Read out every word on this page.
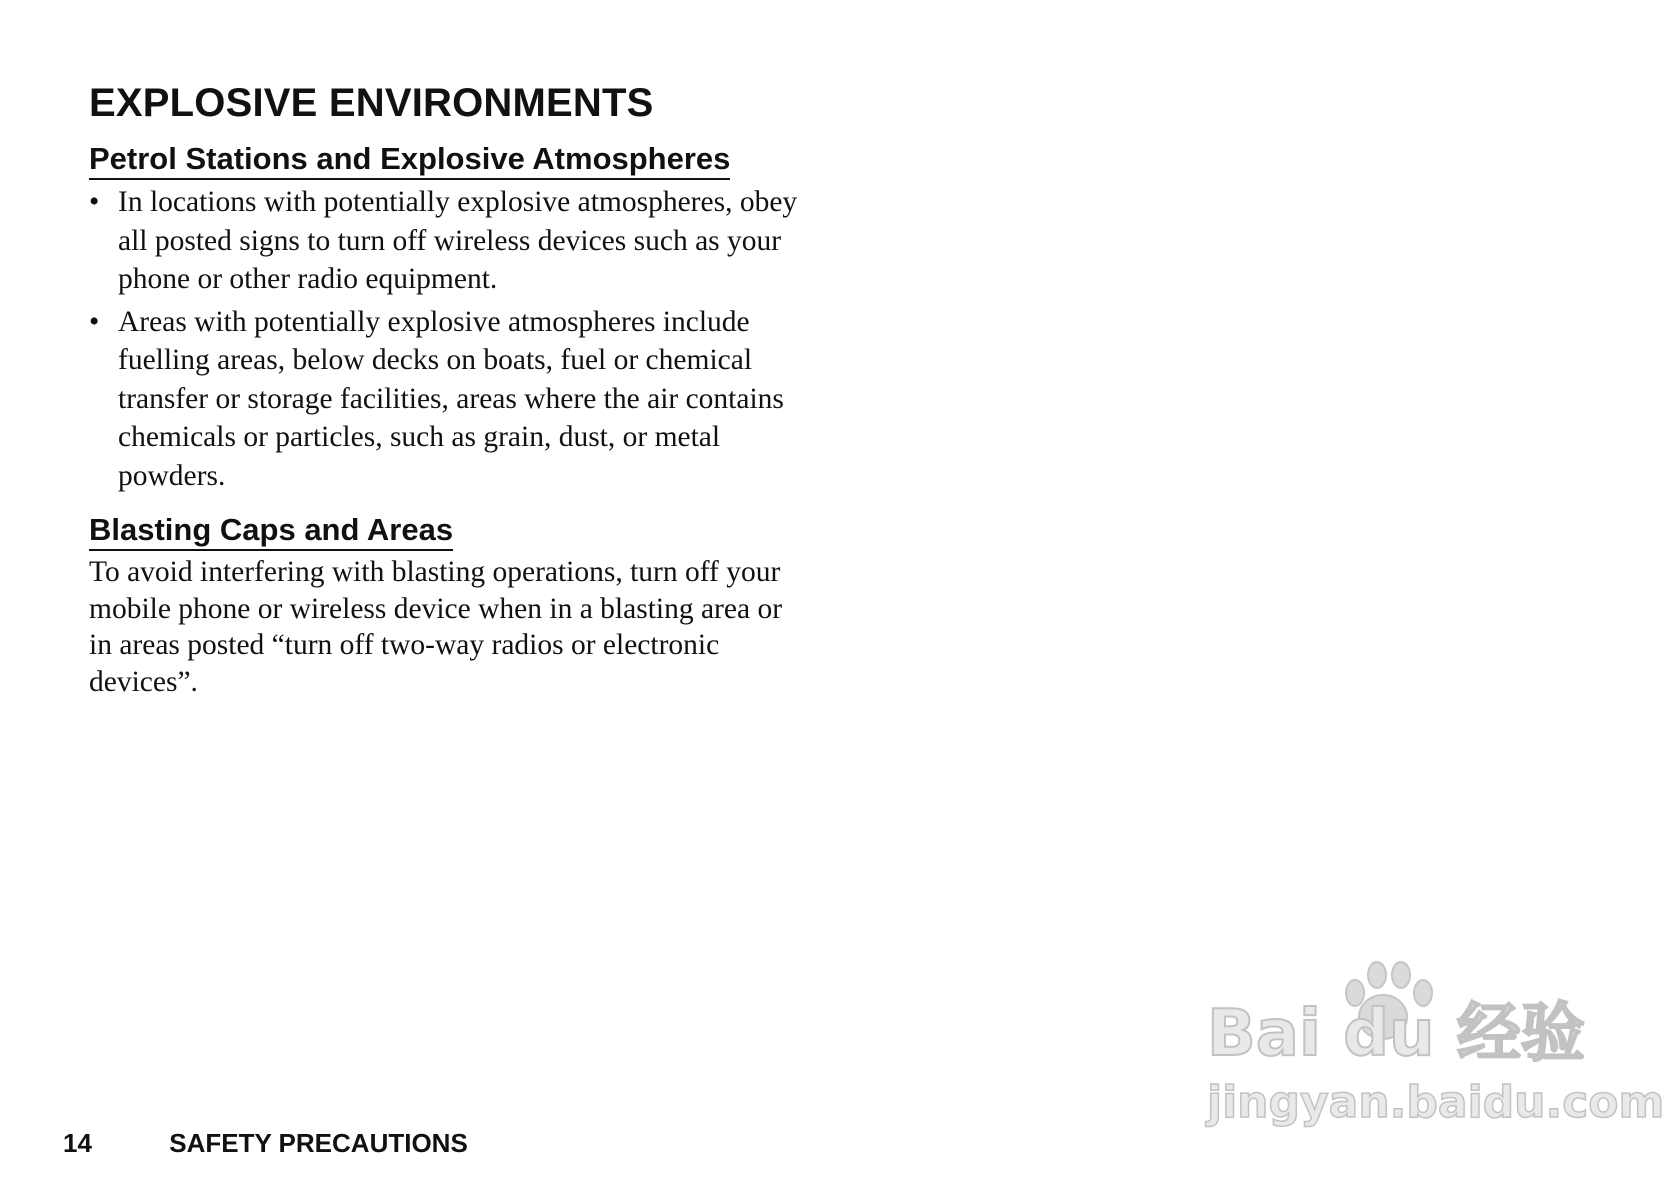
EXPLOSIVE ENVIRONMENTS
Petrol Stations and Explosive Atmospheres
• In locations with potentially explosive atmospheres, obey all posted signs to turn off wireless devices such as your phone or other radio equipment.
• Areas with potentially explosive atmospheres include fuelling areas, below decks on boats, fuel or chemical transfer or storage facilities, areas where the air contains chemicals or particles, such as grain, dust, or metal powders.
Blasting Caps and Areas

To avoid interfering with blasting operations, turn off your mobile phone or wireless device when in a blasting area or in areas posted “turn off two-way radios or electronic devices”.

14	SAFETY PRECAUTIONS
Bai du 经验
jingyan.baidu.com
